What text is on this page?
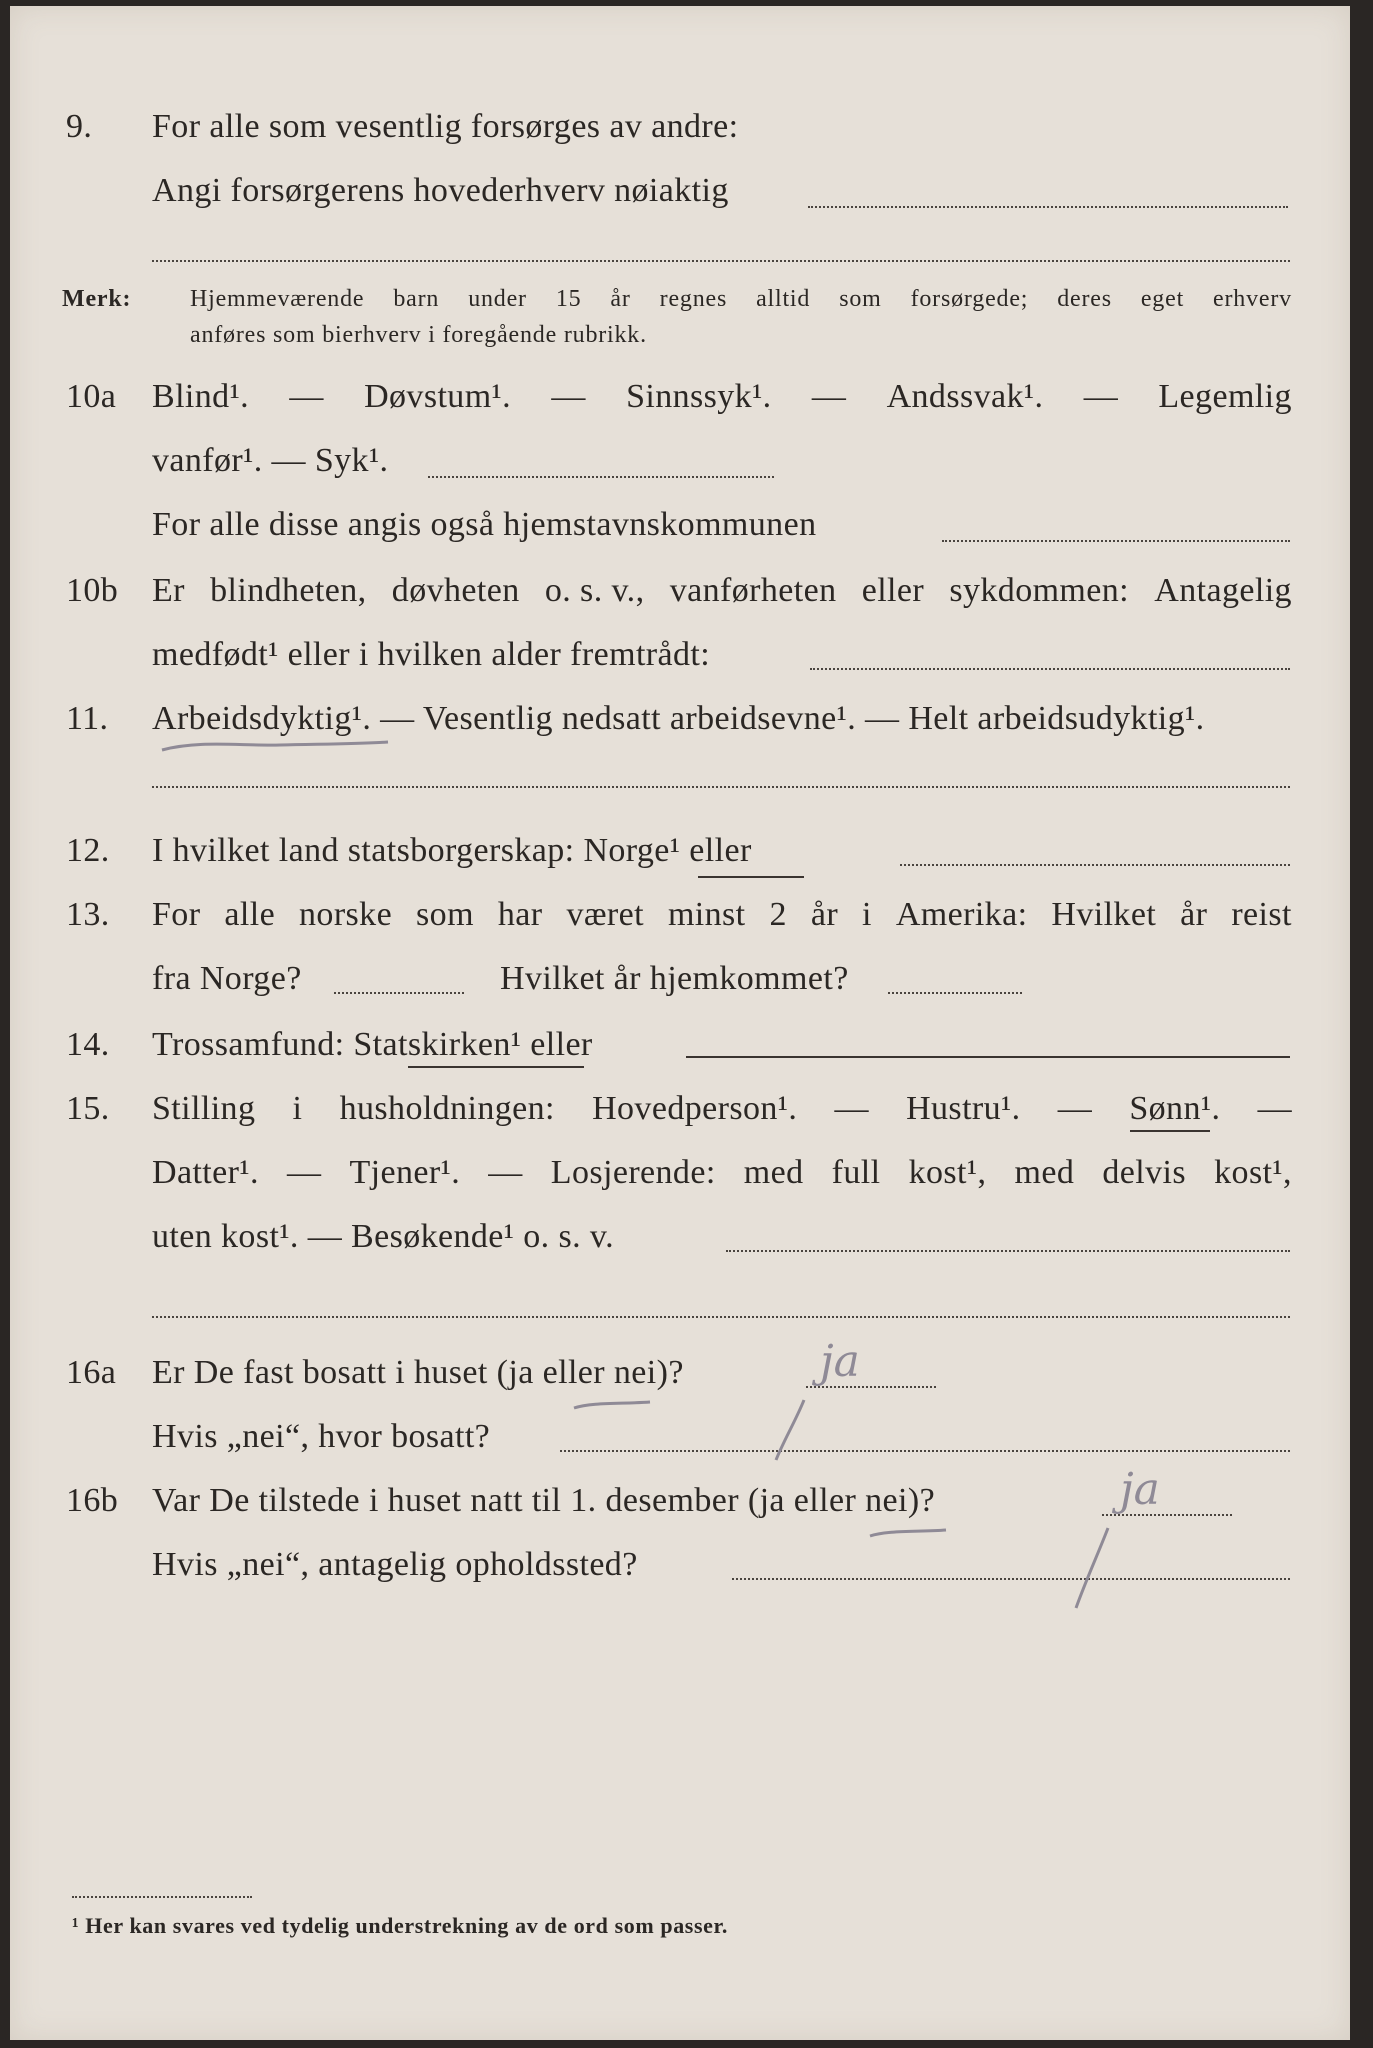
9. For alle som vesentlig forsørges av andre:
Angi forsørgerens hovederhverv nøiaktig
Merk: Hjemmeværende barn under 15 år regnes alltid som forsørgede; deres eget erhverv
anføres som bierhverv i foregående rubrikk.
10a Blind¹. — Døvstum¹. — Sinnssyk¹. — Andssvak¹. — Legemlig
vanfør¹. — Syk¹.
For alle disse angis også hjemstavnskommunen
10b Er blindheten, døvheten o. s. v., vanførheten eller sykdommen: Antagelig
medfødt¹ eller i hvilken alder fremtrådt:
11. Arbeidsdyktig¹. — Vesentlig nedsatt arbeidsevne¹. — Helt arbeidsudyktig¹.
12. I hvilket land statsborgerskap: Norge¹ eller
13. For alle norske som har været minst 2 år i Amerika: Hvilket år reist
fra Norge?	Hvilket år hjemkommet?
14. Trossamfund: Statskirken¹ eller
15. Stilling i husholdningen: Hovedperson¹. — Hustru¹. — Sønn¹. —
Datter¹. — Tjener¹. — Losjerende: med full kost¹, med delvis kost¹,
uten kost¹. — Besøkende¹ o. s. v.
16a Er De fast bosatt i huset (ja eller nei)?	ja
Hvis „nei“, hvor bosatt?
16b Var De tilstede i huset natt til 1. desember (ja eller nei)?	ja
Hvis „nei“, antagelig opholdssted?
¹ Her kan svares ved tydelig understrekning av de ord som passer.
